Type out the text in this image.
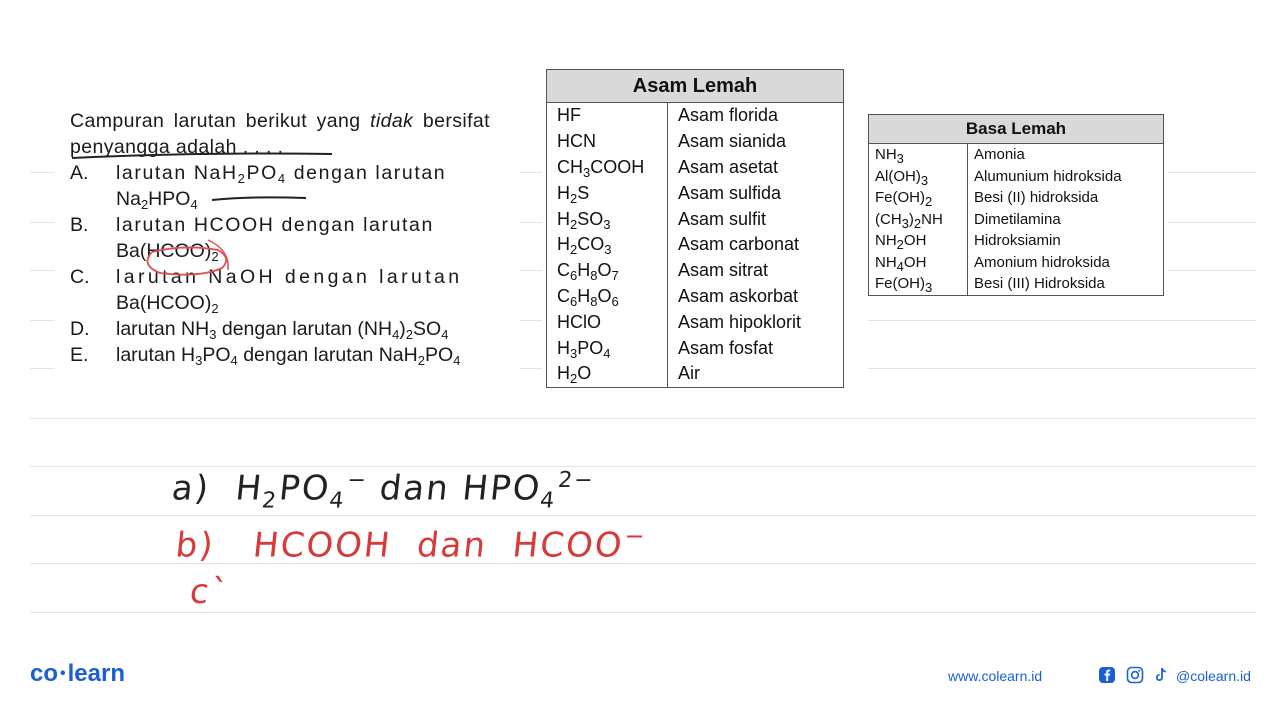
Campuran larutan berikut yang tidak bersifat penyangga adalah . . . .
A.	larutan $NaH_2PO_4$ dengan larutan
$Na_2HPO_4$
B.	larutan HCOOH dengan larutan
$Ba(HCOO)_2$
C.	larutan NaOH dengan larutan
$Ba(HCOO)_2$
D.	larutan $NH_3$ dengan larutan $(NH_4)_2SO_4$
E.	larutan $H_3PO_4$ dengan larutan $NaH_2PO_4$
Asam Lemah	
HF	Asam florida
HCN	Asam sianida
$CH_3COOH$	Asam asetat
$H_2S$	Asam sulfida
$H_2SO_3$	Asam sulfit
$H_2CO_3$	Asam carbonat
$C_6H_8O_7$	Asam sitrat
$C_6H_8O_6$	Asam askorbat
HClO	Asam hipoklorit
$H_3PO_4$	Asam fosfat
$H_2O$	Air
Basa Lemah	
$NH_3$	Amonia
$Al(OH)_3$	Alumunium hidroksida
$Fe(OH)_2$	Besi (II) hidroksida
$(CH_3)_2NH$	Dimetilamina
$NH_2OH$	Hidroksiamin
$NH_4OH$	Amonium hidroksida
$Fe(OH)_3$	Besi (III) Hidroksida
a) $H_2PO_4^-$ dan $HPO_4^{2-}$
b) HCOOH  dan  HCOO−
c`
co •learn	www.colearn.id	@colearn.id
